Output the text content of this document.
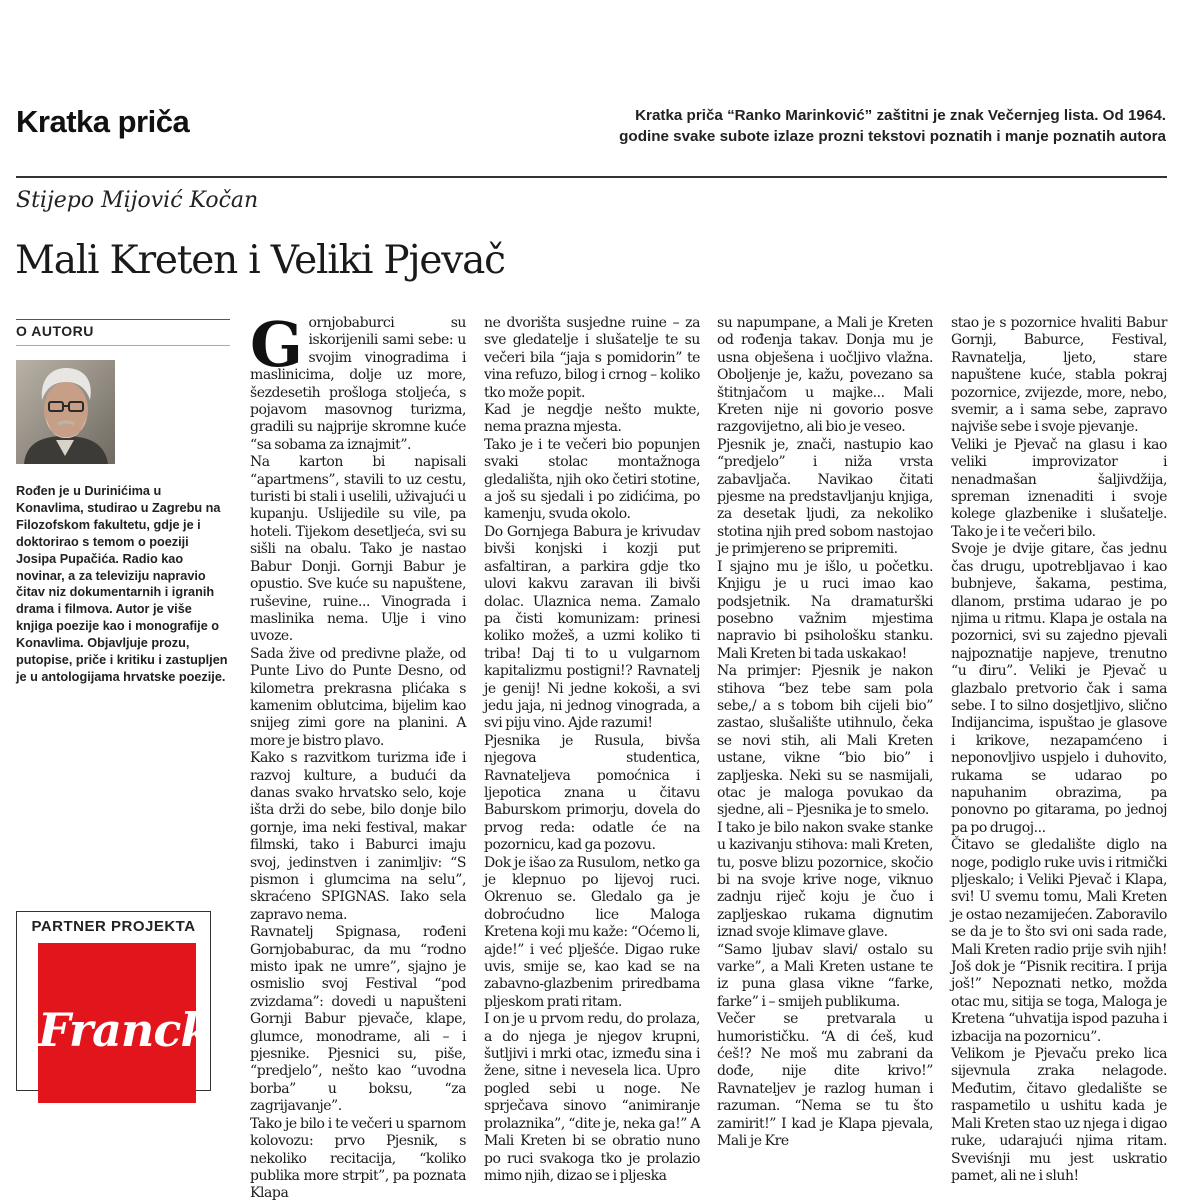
Kratka priča	Kratka priča “Ranko Marinković” zaštitni je znak Večernjeg lista. Od 1964.
godine svake subote izlaze prozni tekstovi poznatih i manje poznatih autora
Stijepo Mijović Kočan
Mali Kreten i Veliki Pjevač
O AUTORU
Rođen je u Durinićima u Konavlima, studirao u Zagrebu na Filozofskom fakultetu, gdje je i doktorirao s temom o poeziji Josipa Pupačića. Radio kao novinar, a za televiziju napravio čitav niz dokumentarnih i igranih drama i filmova. Autor je više knjiga poezije kao i monografije o Konavlima. Objavljuje prozu, putopise, priče i kritiku i zastupljen je u antologijama hrvatske poezije.
PARTNER PROJEKTA
Franck
G ornjobaburci su iskorijenili sami sebe: u svojim vinogradima i maslinicima, dolje uz more, šezdesetih prošloga stoljeća, s pojavom masovnog turizma, gradili su najprije skromne kuće “sa sobama za iznajmit”.

Na karton bi napisali “apartmens”, stavili to uz cestu, turisti bi stali i uselili, uživajući u kupanju. Uslijedile su vile, pa hoteli. Tijekom desetljeća, svi su sišli na obalu. Tako je nastao Babur Donji. Gornji Babur je opustio. Sve kuće su napuštene, ruševine, ruine... Vinograda i maslinika nema. Ulje i vino uvoze.

Sada žive od predivne plaže, od Punte Livo do Punte Desno, od kilometra prekrasna plićaka s kamenim oblutcima, bijelim kao snijeg zimi gore na planini. A more je bistro plavo.

Kako s razvitkom turizma iđe i razvoj kulture, a budući da danas svako hrvatsko selo, koje išta drži do sebe, bilo donje bilo gornje, ima neki festival, makar filmski, tako i Baburci imaju svoj, jedinstven i zanimljiv: “S pismon i glumcima na selu”, skraćeno SPIGNAS. Iako sela zapravo nema.

Ravnatelj Spignasa, rođeni Gornjobaburac, da mu “rodno misto ipak ne umre”, sjajno je osmislio svoj Festival “pod zvizdama”: dovedi u napušteni Gornji Babur pjevače, klape, glumce, monodrame, ali – i pjesnike. Pjesnici su, piše, “predjelo”, nešto kao “uvodna borba” u boksu, “za zagrijavanje”.

Tako je bilo i te večeri u sparnom kolovozu: prvo Pjesnik, s nekoliko recitacija, “koliko publika more strpit”, pa poznata Klapa

ne dvorišta susjedne ruine – za sve gledatelje i slušatelje te su večeri bila “jaja s pomidorin” te vina refuzo, bilog i crnog – koliko tko može popit.

Kad je negdje nešto mukte, nema prazna mjesta.

Tako je i te večeri bio popunjen svaki stolac montažnoga gledališta, njih oko četiri stotine, a još su sjedali i po zidićima, po kamenju, svuda okolo.

Do Gornjega Babura je krivudav bivši konjski i kozji put asfaltiran, a parkira gdje tko ulovi kakvu zaravan ili bivši dolac. Ulaznica nema. Zamalo pa čisti komunizam: prinesi koliko možeš, a uzmi koliko ti triba! Daj ti to u vulgarnom kapitalizmu postigni!? Ravnatelj je genij! Ni jedne kokoši, a svi jedu jaja, ni jednog vinograda, a svi piju vino. Ajde razumi!

Pjesnika je Rusula, bivša njegova studentica, Ravnateljeva pomoćnica i ljepotica znana u čitavu Baburskom primorju, dovela do prvog reda: odatle će na pozornicu, kad ga pozovu.

Dok je išao za Rusulom, netko ga je klepnuo po lijevoj ruci. Okrenuo se. Gledalo ga je dobroćudno lice Maloga Kretena koji mu kaže: “Oćemo li, ajde!” i već plješće. Digao ruke uvis, smije se, kao kad se na zabavno-glazbenim priredbama pljeskom prati ritam.

I on je u prvom redu, do prolaza, a do njega je njegov krupni, šutljivi i mrki otac, između sina i žene, sitne i nevesela lica. Upro pogled sebi u noge. Ne sprječava sinovo “animiranje prolaznika”, “dite je, neka ga!” A Mali Kreten bi se obratio nuno po ruci svakoga tko je prolazio mimo njih, dizao se i pljeska

su napumpane, a Mali je Kreten od rođenja takav. Donja mu je usna obješena i uočljivo vlažna. Oboljenje je, kažu, povezano sa štitnjačom u majke... Mali Kreten nije ni govorio posve razgovijetno, ali bio je veseo.

Pjesnik je, znači, nastupio kao “predjelo” i niža vrsta zabavljača. Navikao čitati pjesme na predstavljanju knjiga, za desetak ljudi, za nekoliko stotina njih pred sobom nastojao je primjereno se pripremiti.

I sjajno mu je išlo, u početku. Knjigu je u ruci imao kao podsjetnik. Na dramaturški posebno važnim mjestima napravio bi psihološku stanku. Mali Kreten bi tada uskakao!

Na primjer: Pjesnik je nakon stihova “bez tebe sam pola sebe,/ a s tobom bih cijeli bio” zastao, slušalište utihnulo, čeka se novi stih, ali Mali Kreten ustane, vikne “bio bio” i zapljeska. Neki su se nasmijali, otac je maloga povukao da sjedne, ali – Pjesnika je to smelo.

I tako je bilo nakon svake stanke u kazivanju stihova: mali Kreten, tu, posve blizu pozornice, skočio bi na svoje krive noge, viknuo zadnju riječ koju je čuo i zapljeskao rukama dignutim iznad svoje klimave glave.

“Samo ljubav slavi/ ostalo su varke”, a Mali Kreten ustane te iz puna glasa vikne “farke, farke” i – smijeh publikuma.

Večer se pretvarala u humorističku. “A di ćeš, kud ćeš!? Ne moš mu zabrani da dođe, nije dite krivo!” Ravnateljev je razlog human i razuman. “Nema se tu što zamirit!” I kad je Klapa pjevala, Mali je Kre

stao je s pozornice hvaliti Babur Gornji, Baburce, Festival, Ravnatelja, ljeto, stare napuštene kuće, stabla pokraj pozornice, zvijezde, more, nebo, svemir, a i sama sebe, zapravo najviše sebe i svoje pjevanje.

Veliki je Pjevač na glasu i kao veliki improvizator i nenadmašan šaljivdžija, spreman iznenaditi i svoje kolege glazbenike i slušatelje. Tako je i te večeri bilo.

Svoje je dvije gitare, čas jednu čas drugu, upotrebljavao i kao bubnjeve, šakama, pestima, dlanom, prstima udarao je po njima u ritmu. Klapa je ostala na pozornici, svi su zajedno pjevali najpoznatije napjeve, trenutno “u điru”. Veliki je Pjevač u glazbalo pretvorio čak i sama sebe. I to silno dosjetljivo, slično Indijancima, ispuštao je glasove i krikove, nezapamćeno i neponovljivo uspjelo i duhovito, rukama se udarao po napuhanim obrazima, pa ponovno po gitarama, po jednoj pa po drugoj...

Čitavo se gledalište diglo na noge, podiglo ruke uvis i ritmički pljeskalo; i Veliki Pjevač i Klapa, svi! U svemu tomu, Mali Kreten je ostao nezamijećen. Zaboravilo se da je to što svi oni sada rade, Mali Kreten radio prije svih njih! Još dok je “Pisnik recitira. I prija još!” Nepoznati netko, možda otac mu, sitija se toga, Maloga je Kretena “uhvatija ispod pazuha i izbacija na pozornicu”.

Velikom je Pjevaču preko lica sijevnula zraka nelagode. Međutim, čitavo gledalište se raspametilo u ushitu kada je Mali Kreten stao uz njega i digao ruke, udarajući njima ritam. Sveviśnji mu jest uskratio pamet, ali ne i sluh!
